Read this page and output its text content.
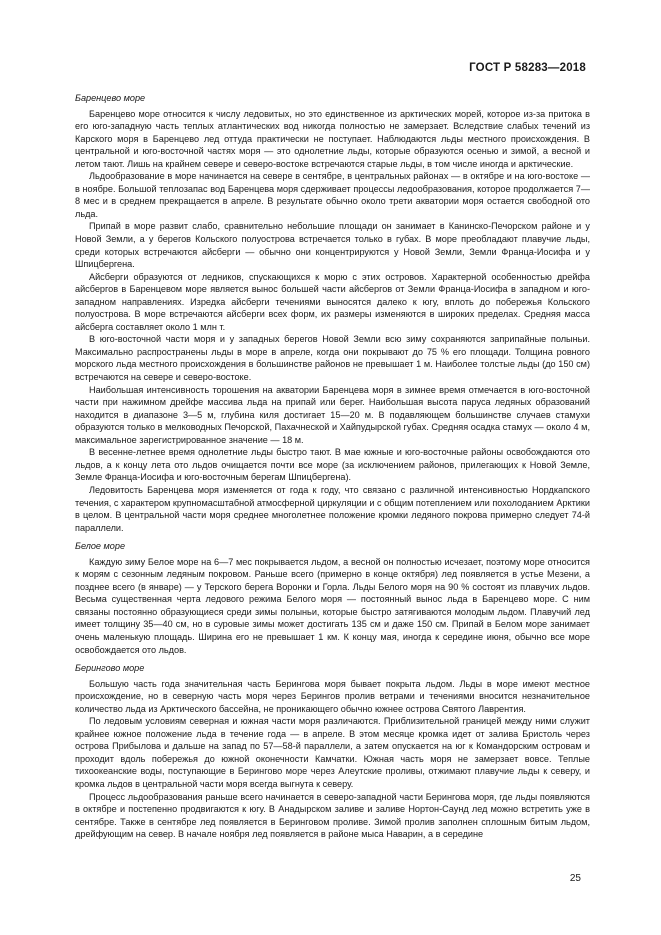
ГОСТ Р 58283—2018
Баренцево море

Баренцево море относится к числу ледовитых, но это единственное из арктических морей, которое из-за притока в его юго-западную часть теплых атлантических вод никогда полностью не замерзает. Вследствие слабых течений из Карского моря в Баренцево лед оттуда практически не поступает. Наблюдаются льды местного происхождения. В центральной и юго-восточной частях моря — это однолетние льды, которые образуются осенью и зимой, а весной и летом тают. Лишь на крайнем севере и северо-востоке встречаются старые льды, в том числе иногда и арктические.

Льдообразование в море начинается на севере в сентябре, в центральных районах — в октябре и на юго-востоке — в ноябре. Большой теплозапас вод Баренцева моря сдерживает процессы ледообразования, которое продолжается 7—8 мес и в среднем прекращается в апреле. В результате обычно около трети акватории моря остается свободной ото льда.

Припай в море развит слабо, сравнительно небольшие площади он занимает в Канинско-Печорском районе и у Новой Земли, а у берегов Кольского полуострова встречается только в губах. В море преобладают плавучие льды, среди которых встречаются айсберги — обычно они концентрируются у Новой Земли, Земли Франца-Иосифа и у Шпицбергена.

Айсберги образуются от ледников, спускающихся к морю с этих островов. Характерной особенностью дрейфа айсбергов в Баренцевом море является вынос большей части айсбергов от Земли Франца-Иосифа в западном и юго-западном направлениях. Изредка айсберги течениями выносятся далеко к югу, вплоть до побережья Кольского полуострова. В море встречаются айсберги всех форм, их размеры изменяются в широких пределах. Средняя масса айсберга составляет около 1 млн т.

В юго-восточной части моря и у западных берегов Новой Земли всю зиму сохраняются заприпайные полыньи. Максимально распространены льды в море в апреле, когда они покрывают до 75 % его площади. Толщина ровного морского льда местного происхождения в большинстве районов не превышает 1 м. Наиболее толстые льды (до 150 см) встречаются на севере и северо-востоке.

Наибольшая интенсивность торошения на акватории Баренцева моря в зимнее время отмечается в юго-восточной части при нажимном дрейфе массива льда на припай или берег. Наибольшая высота паруса ледяных образований находится в диапазоне 3—5 м, глубина киля достигает 15—20 м. В подавляющем большинстве случаев стамухи образуются только в мелководных Печорской, Пахачнеской и Хайпудырской губах. Средняя осадка стамух — около 4 м, максимальное зарегистрированное значение — 18 м.

В весенне-летнее время однолетние льды быстро тают. В мае южные и юго-восточные районы освобождаются ото льдов, а к концу лета ото льдов очищается почти все море (за исключением районов, прилегающих к Новой Земле, Земле Франца-Иосифа и юго-восточным берегам Шпицбергена).

Ледовитость Баренцева моря изменяется от года к году, что связано с различной интенсивностью Нордкапского течения, с характером крупномасштабной атмосферной циркуляции и с общим потеплением или похолоданием Арктики в целом. В центральной части моря среднее многолетнее положение кромки ледяного покрова примерно следует 74-й параллели.

Белое море

Каждую зиму Белое море на 6—7 мес покрывается льдом, а весной он полностью исчезает, поэтому море относится к морям с сезонным ледяным покровом. Раньше всего (примерно в конце октября) лед появляется в устье Мезени, а позднее всего (в январе) — у Терского берега Воронки и Горла. Льды Белого моря на 90 % состоят из плавучих льдов. Весьма существенная черта ледового режима Белого моря — постоянный вынос льда в Баренцево море. С ним связаны постоянно образующиеся среди зимы полыньи, которые быстро затягиваются молодым льдом. Плавучий лед имеет толщину 35—40 см, но в суровые зимы может достигать 135 см и даже 150 см. Припай в Белом море занимает очень маленькую площадь. Ширина его не превышает 1 км. К концу мая, иногда к середине июня, обычно все море освобождается ото льдов.

Берингово море

Большую часть года значительная часть Берингова моря бывает покрыта льдом. Льды в море имеют местное происхождение, но в северную часть моря через Берингов пролив ветрами и течениями вносится незначительное количество льда из Арктического бассейна, не проникающего обычно южнее острова Святого Лаврентия.

По ледовым условиям северная и южная части моря различаются. Приблизительной границей между ними служит крайнее южное положение льда в течение года — в апреле. В этом месяце кромка идет от залива Бристоль через острова Прибылова и дальше на запад по 57—58-й параллели, а затем опускается на юг к Командорским островам и проходит вдоль побережья до южной оконечности Камчатки. Южная часть моря не замерзает вовсе. Теплые тихоокеанские воды, поступающие в Берингово море через Алеутские проливы, отжимают плавучие льды к северу, и кромка льдов в центральной части моря всегда выгнута к северу.

Процесс льдообразования раньше всего начинается в северо-западной части Берингова моря, где льды появляются в октябре и постепенно продвигаются к югу. В Анадырском заливе и заливе Нортон-Саунд лед можно встретить уже в сентябре. Также в сентябре лед появляется в Беринговом проливе. Зимой пролив заполнен сплошным битым льдом, дрейфующим на север. В начале ноября лед появляется в районе мыса Наварин, а в середине

25
